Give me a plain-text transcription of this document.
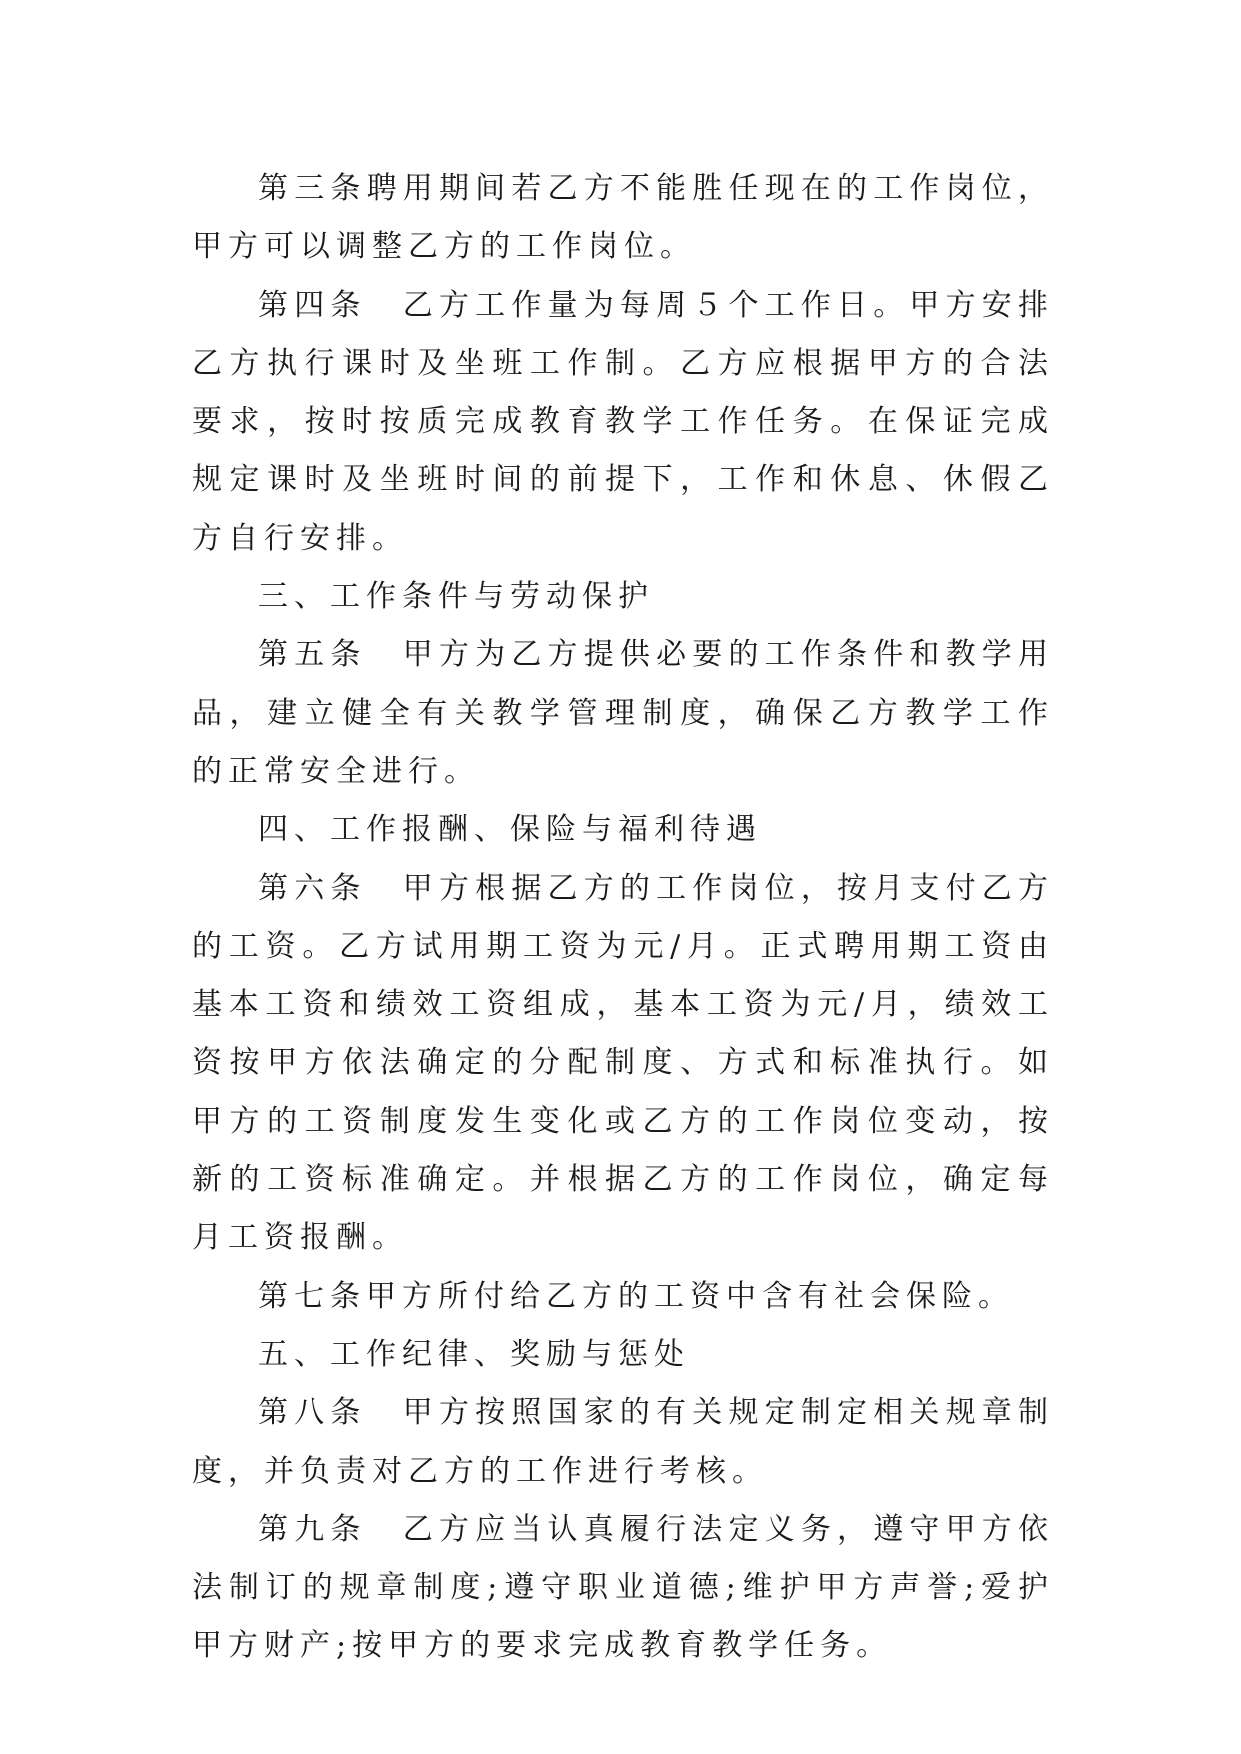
第三条聘用期间若乙方不能胜任现在的工作岗位，甲方可以调整乙方的工作岗位。

第四条　乙方工作量为每周５个工作日。甲方安排乙方执行课时及坐班工作制。乙方应根据甲方的合法要求，按时按质完成教育教学工作任务。在保证完成规定课时及坐班时间的前提下，工作和休息、休假乙方自行安排。

三、工作条件与劳动保护

第五条　甲方为乙方提供必要的工作条件和教学用品，建立健全有关教学管理制度，确保乙方教学工作的正常安全进行。

四、工作报酬、保险与福利待遇

第六条　甲方根据乙方的工作岗位，按月支付乙方的工资。乙方试用期工资为元/月。正式聘用期工资由基本工资和绩效工资组成，基本工资为元/月，绩效工资按甲方依法确定的分配制度、方式和标准执行。如甲方的工资制度发生变化或乙方的工作岗位变动，按新的工资标准确定。并根据乙方的工作岗位，确定每月工资报酬。

第七条甲方所付给乙方的工资中含有社会保险。

五、工作纪律、奖励与惩处

第八条　甲方按照国家的有关规定制定相关规章制度，并负责对乙方的工作进行考核。

第九条　乙方应当认真履行法定义务，遵守甲方依法制订的规章制度;遵守职业道德;维护甲方声誉;爱护甲方财产;按甲方的要求完成教育教学任务。
